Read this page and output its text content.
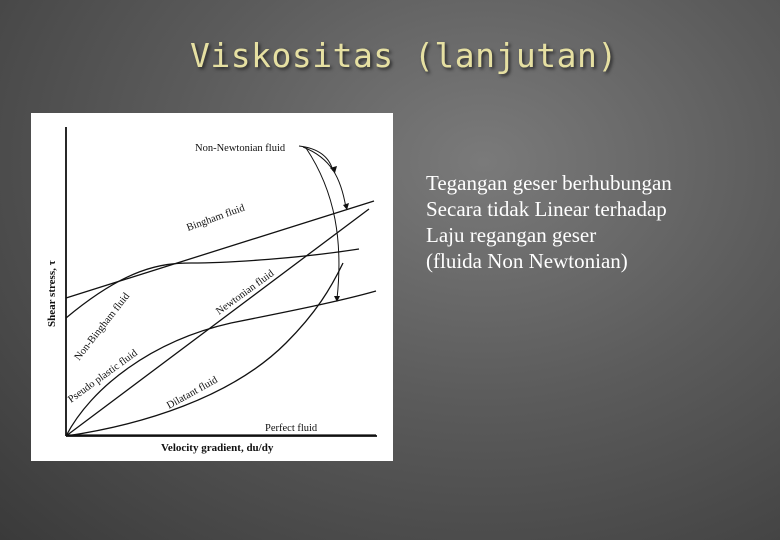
Viskositas (lanjutan)
Non-Newtonian fluid
Bingham fluid
Non-Bingham fluid	Newtonian fluid
Pseudo plastic fluid Dilatant fluid
Perfect fluid
Shear stress, τ
Velocity gradient, du/dy
Tegangan geser berhubungan
Secara tidak Linear terhadap
Laju regangan geser
(fluida Non Newtonian)
